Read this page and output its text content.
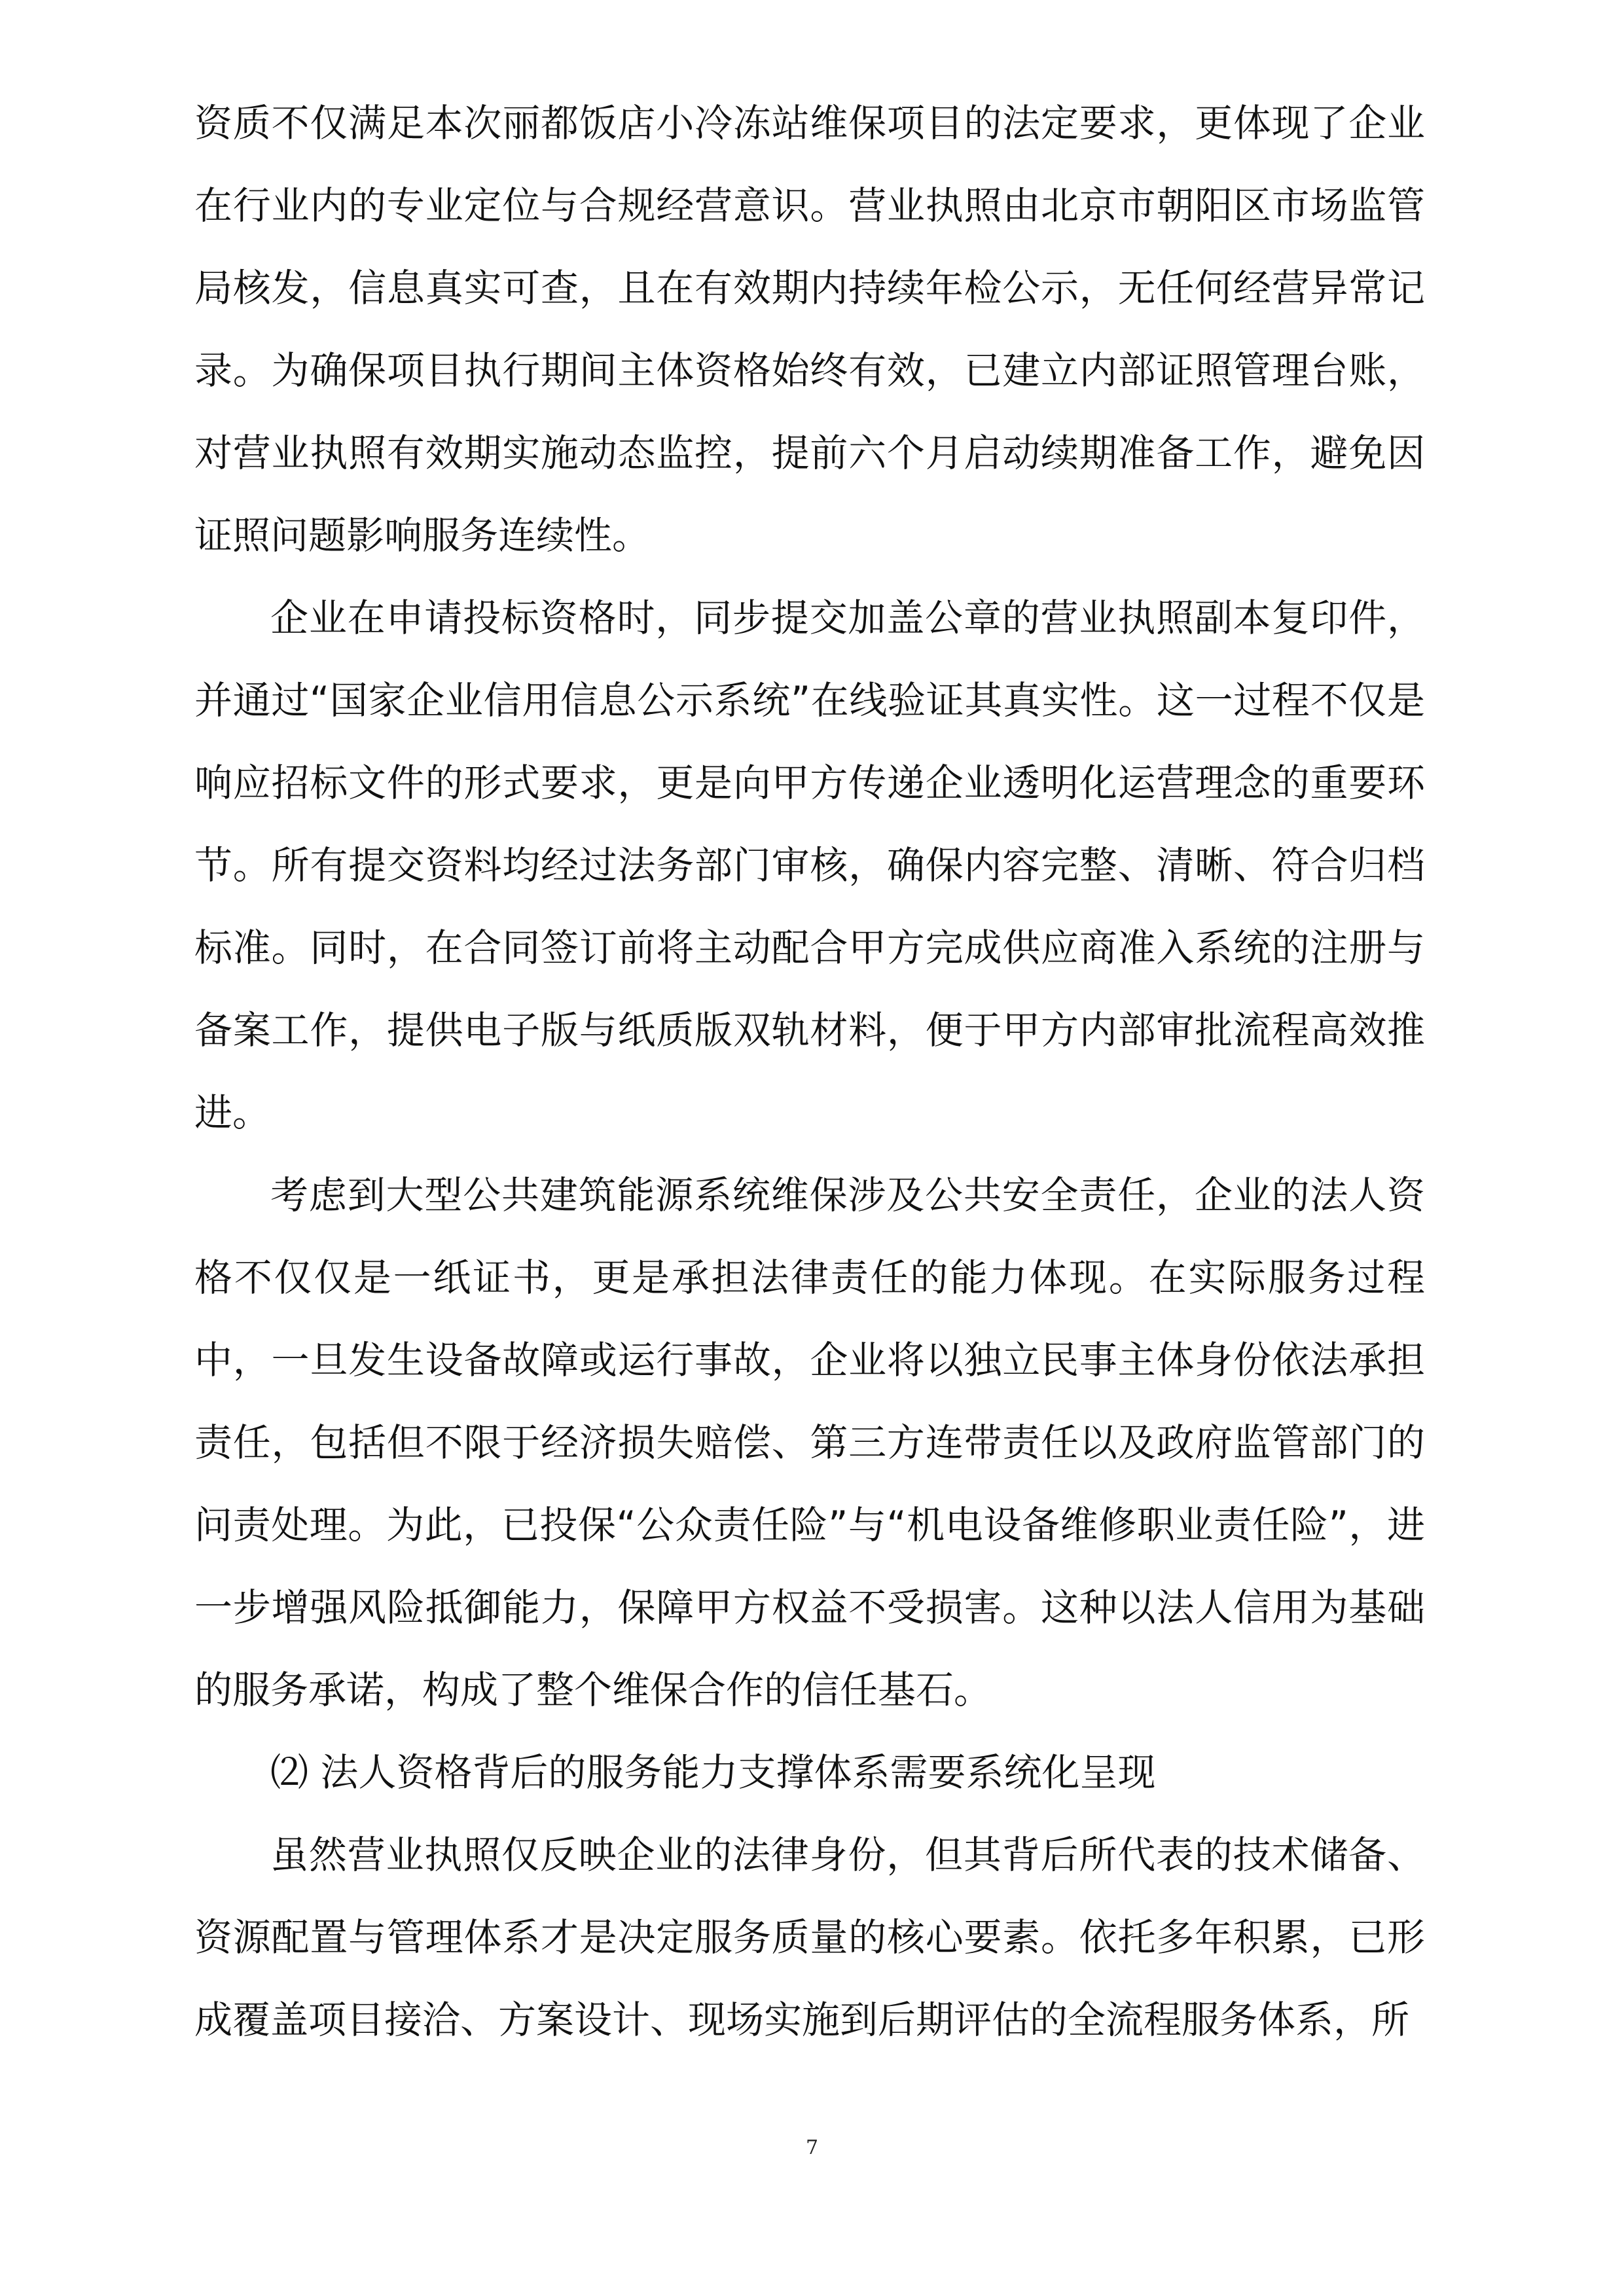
资质不仅满足本次丽都饭店小冷冻站维保项目的法定要求，更体现了企业在行业内的专业定位与合规经营意识。营业执照由北京市朝阳区市场监管局核发，信息真实可查，且在有效期内持续年检公示，无任何经营异常记录。为确保项目执行期间主体资格始终有效，已建立内部证照管理台账，对营业执照有效期实施动态监控，提前六个月启动续期准备工作，避免因证照问题影响服务连续性。

企业在申请投标资格时，同步提交加盖公章的营业执照副本复印件，并通过“国家企业信用信息公示系统”在线验证其真实性。这一过程不仅是响应招标文件的形式要求，更是向甲方传递企业透明化运营理念的重要环节。所有提交资料均经过法务部门审核，确保内容完整、清晰、符合归档标准。同时，在合同签订前将主动配合甲方完成供应商准入系统的注册与备案工作，提供电子版与纸质版双轨材料，便于甲方内部审批流程高效推进。

考虑到大型公共建筑能源系统维保涉及公共安全责任，企业的法人资格不仅仅是一纸证书，更是承担法律责任的能力体现。在实际服务过程中，一旦发生设备故障或运行事故，企业将以独立民事主体身份依法承担责任，包括但不限于经济损失赔偿、第三方连带责任以及政府监管部门的问责处理。为此，已投保“公众责任险”与“机电设备维修职业责任险”，进一步增强风险抵御能力，保障甲方权益不受损害。这种以法人信用为基础的服务承诺，构成了整个维保合作的信任基石。

⑵ 法人资格背后的服务能力支撑体系需要系统化呈现

虽然营业执照仅反映企业的法律身份，但其背后所代表的技术储备、资源配置与管理体系才是决定服务质量的核心要素。依托多年积累，已形成覆盖项目接洽、方案设计、现场实施到后期评估的全流程服务体系，所

7
